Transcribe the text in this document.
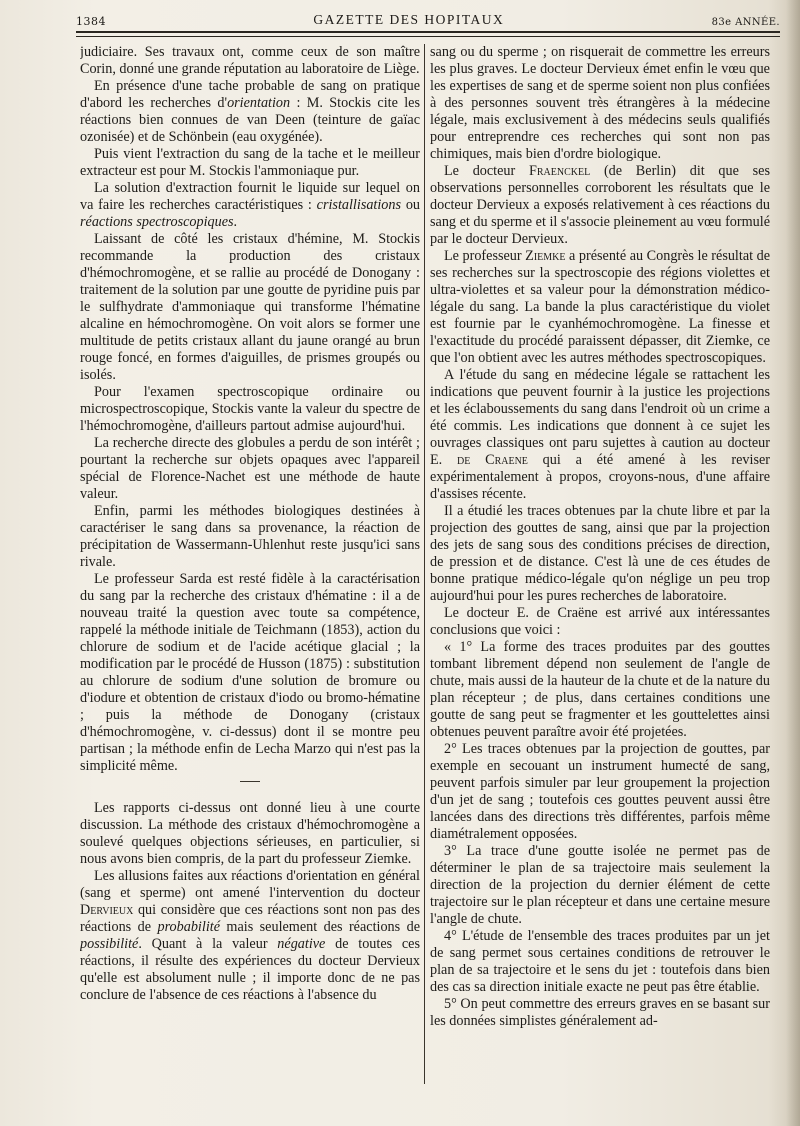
1384	GAZETTE DES HOPITAUX	83e ANNÉE.

judiciaire. Ses travaux ont, comme ceux de son maître Corin, donné une grande réputation au laboratoire de Liège.

En présence d'une tache probable de sang on pratique d'abord les recherches d'orientation : M. Stockis cite les réactions bien connues de van Deen (teinture de gaïac ozonisée) et de Schönbein (eau oxygénée).

Puis vient l'extraction du sang de la tache et le meilleur extracteur est pour M. Stockis l'ammoniaque pur.

La solution d'extraction fournit le liquide sur lequel on va faire les recherches caractéristiques : cristallisations ou réactions spectroscopiques.

Laissant de côté les cristaux d'hémine, M. Stockis recommande la production des cristaux d'hémochromogène, et se rallie au procédé de Donogany : traitement de la solution par une goutte de pyridine puis par le sulfhydrate d'ammoniaque qui transforme l'hématine alcaline en hémochromogène. On voit alors se former une multitude de petits cristaux allant du jaune orangé au brun rouge foncé, en formes d'aiguilles, de prismes groupés ou isolés.

Pour l'examen spectroscopique ordinaire ou microspectroscopique, Stockis vante la valeur du spectre de l'hémochromogène, d'ailleurs partout admise aujourd'hui.

La recherche directe des globules a perdu de son intérêt ; pourtant la recherche sur objets opaques avec l'appareil spécial de Florence-Nachet est une méthode de haute valeur.

Enfin, parmi les méthodes biologiques destinées à caractériser le sang dans sa provenance, la réaction de précipitation de Wassermann-Uhlenhut reste jusqu'ici sans rivale.

Le professeur Sarda est resté fidèle à la caractérisation du sang par la recherche des cristaux d'hématine : il a de nouveau traité la question avec toute sa compétence, rappelé la méthode initiale de Teichmann (1853), action du chlorure de sodium et de l'acide acétique glacial ; la modification par le procédé de Husson (1875) : substitution au chlorure de sodium d'une solution de bromure ou d'iodure et obtention de cristaux d'iodo ou bromo-hématine ; puis la méthode de Donogany (cristaux d'hémochromogène, v. ci-dessus) dont il se montre peu partisan ; la méthode enfin de Lecha Marzo qui n'est pas la simplicité même.

Les rapports ci-dessus ont donné lieu à une courte discussion. La méthode des cristaux d'hémochromogène a soulevé quelques objections sérieuses, en particulier, si nous avons bien compris, de la part du professeur Ziemke.

Les allusions faites aux réactions d'orientation en général (sang et sperme) ont amené l'intervention du docteur Dervieux qui considère que ces réactions sont non pas des réactions de probabilité mais seulement des réactions de possibilité. Quant à la valeur négative de toutes ces réactions, il résulte des expériences du docteur Dervieux qu'elle est absolument nulle ; il importe donc de ne pas conclure de l'absence de ces réactions à l'absence du

sang ou du sperme ; on risquerait de commettre les erreurs les plus graves. Le docteur Dervieux émet enfin le vœu que les expertises de sang et de sperme soient non plus confiées à des personnes souvent très étrangères à la médecine légale, mais exclusivement à des médecins seuls qualifiés pour entreprendre ces recherches qui sont non pas chimiques, mais bien d'ordre biologique.

Le docteur Fraenckel (de Berlin) dit que ses observations personnelles corroborent les résultats que le docteur Dervieux a exposés relativement à ces réactions du sang et du sperme et il s'associe pleinement au vœu formulé par le docteur Dervieux.

Le professeur Ziemke a présenté au Congrès le résultat de ses recherches sur la spectroscopie des régions violettes et ultra-violettes et sa valeur pour la démonstration médico-légale du sang. La bande la plus caractéristique du violet est fournie par le cyanhémochromogène. La finesse et l'exactitude du procédé paraissent dépasser, dit Ziemke, ce que l'on obtient avec les autres méthodes spectroscopiques.

A l'étude du sang en médecine légale se rattachent les indications que peuvent fournir à la justice les projections et les éclaboussements du sang dans l'endroit où un crime a été commis. Les indications que donnent à ce sujet les ouvrages classiques ont paru sujettes à caution au docteur E. de Craene qui a été amené à les reviser expérimentalement à propos, croyons-nous, d'une affaire d'assises récente.

Il a étudié les traces obtenues par la chute libre et par la projection des gouttes de sang, ainsi que par la projection des jets de sang sous des conditions précises de direction, de pression et de distance. C'est là une de ces études de bonne pratique médico-légale qu'on néglige un peu trop aujourd'hui pour les pures recherches de laboratoire.

Le docteur E. de Craëne est arrivé aux intéressantes conclusions que voici :

« 1° La forme des traces produites par des gouttes tombant librement dépend non seulement de l'angle de chute, mais aussi de la hauteur de la chute et de la nature du plan récepteur ; de plus, dans certaines conditions une goutte de sang peut se fragmenter et les gouttelettes ainsi obtenues peuvent paraître avoir été projetées.

2° Les traces obtenues par la projection de gouttes, par exemple en secouant un instrument humecté de sang, peuvent parfois simuler par leur groupement la projection d'un jet de sang ; toutefois ces gouttes peuvent aussi être lancées dans des directions très différentes, parfois même diamétralement opposées.

3° La trace d'une goutte isolée ne permet pas de déterminer le plan de sa trajectoire mais seulement la direction de la projection du dernier élément de cette trajectoire sur le plan récepteur et dans une certaine mesure l'angle de chute.

4° L'étude de l'ensemble des traces produites par un jet de sang permet sous certaines conditions de retrouver le plan de sa trajectoire et le sens du jet : toutefois dans bien des cas sa direction initiale exacte ne peut pas être établie.

5° On peut commettre des erreurs graves en se basant sur les données simplistes généralement ad-
